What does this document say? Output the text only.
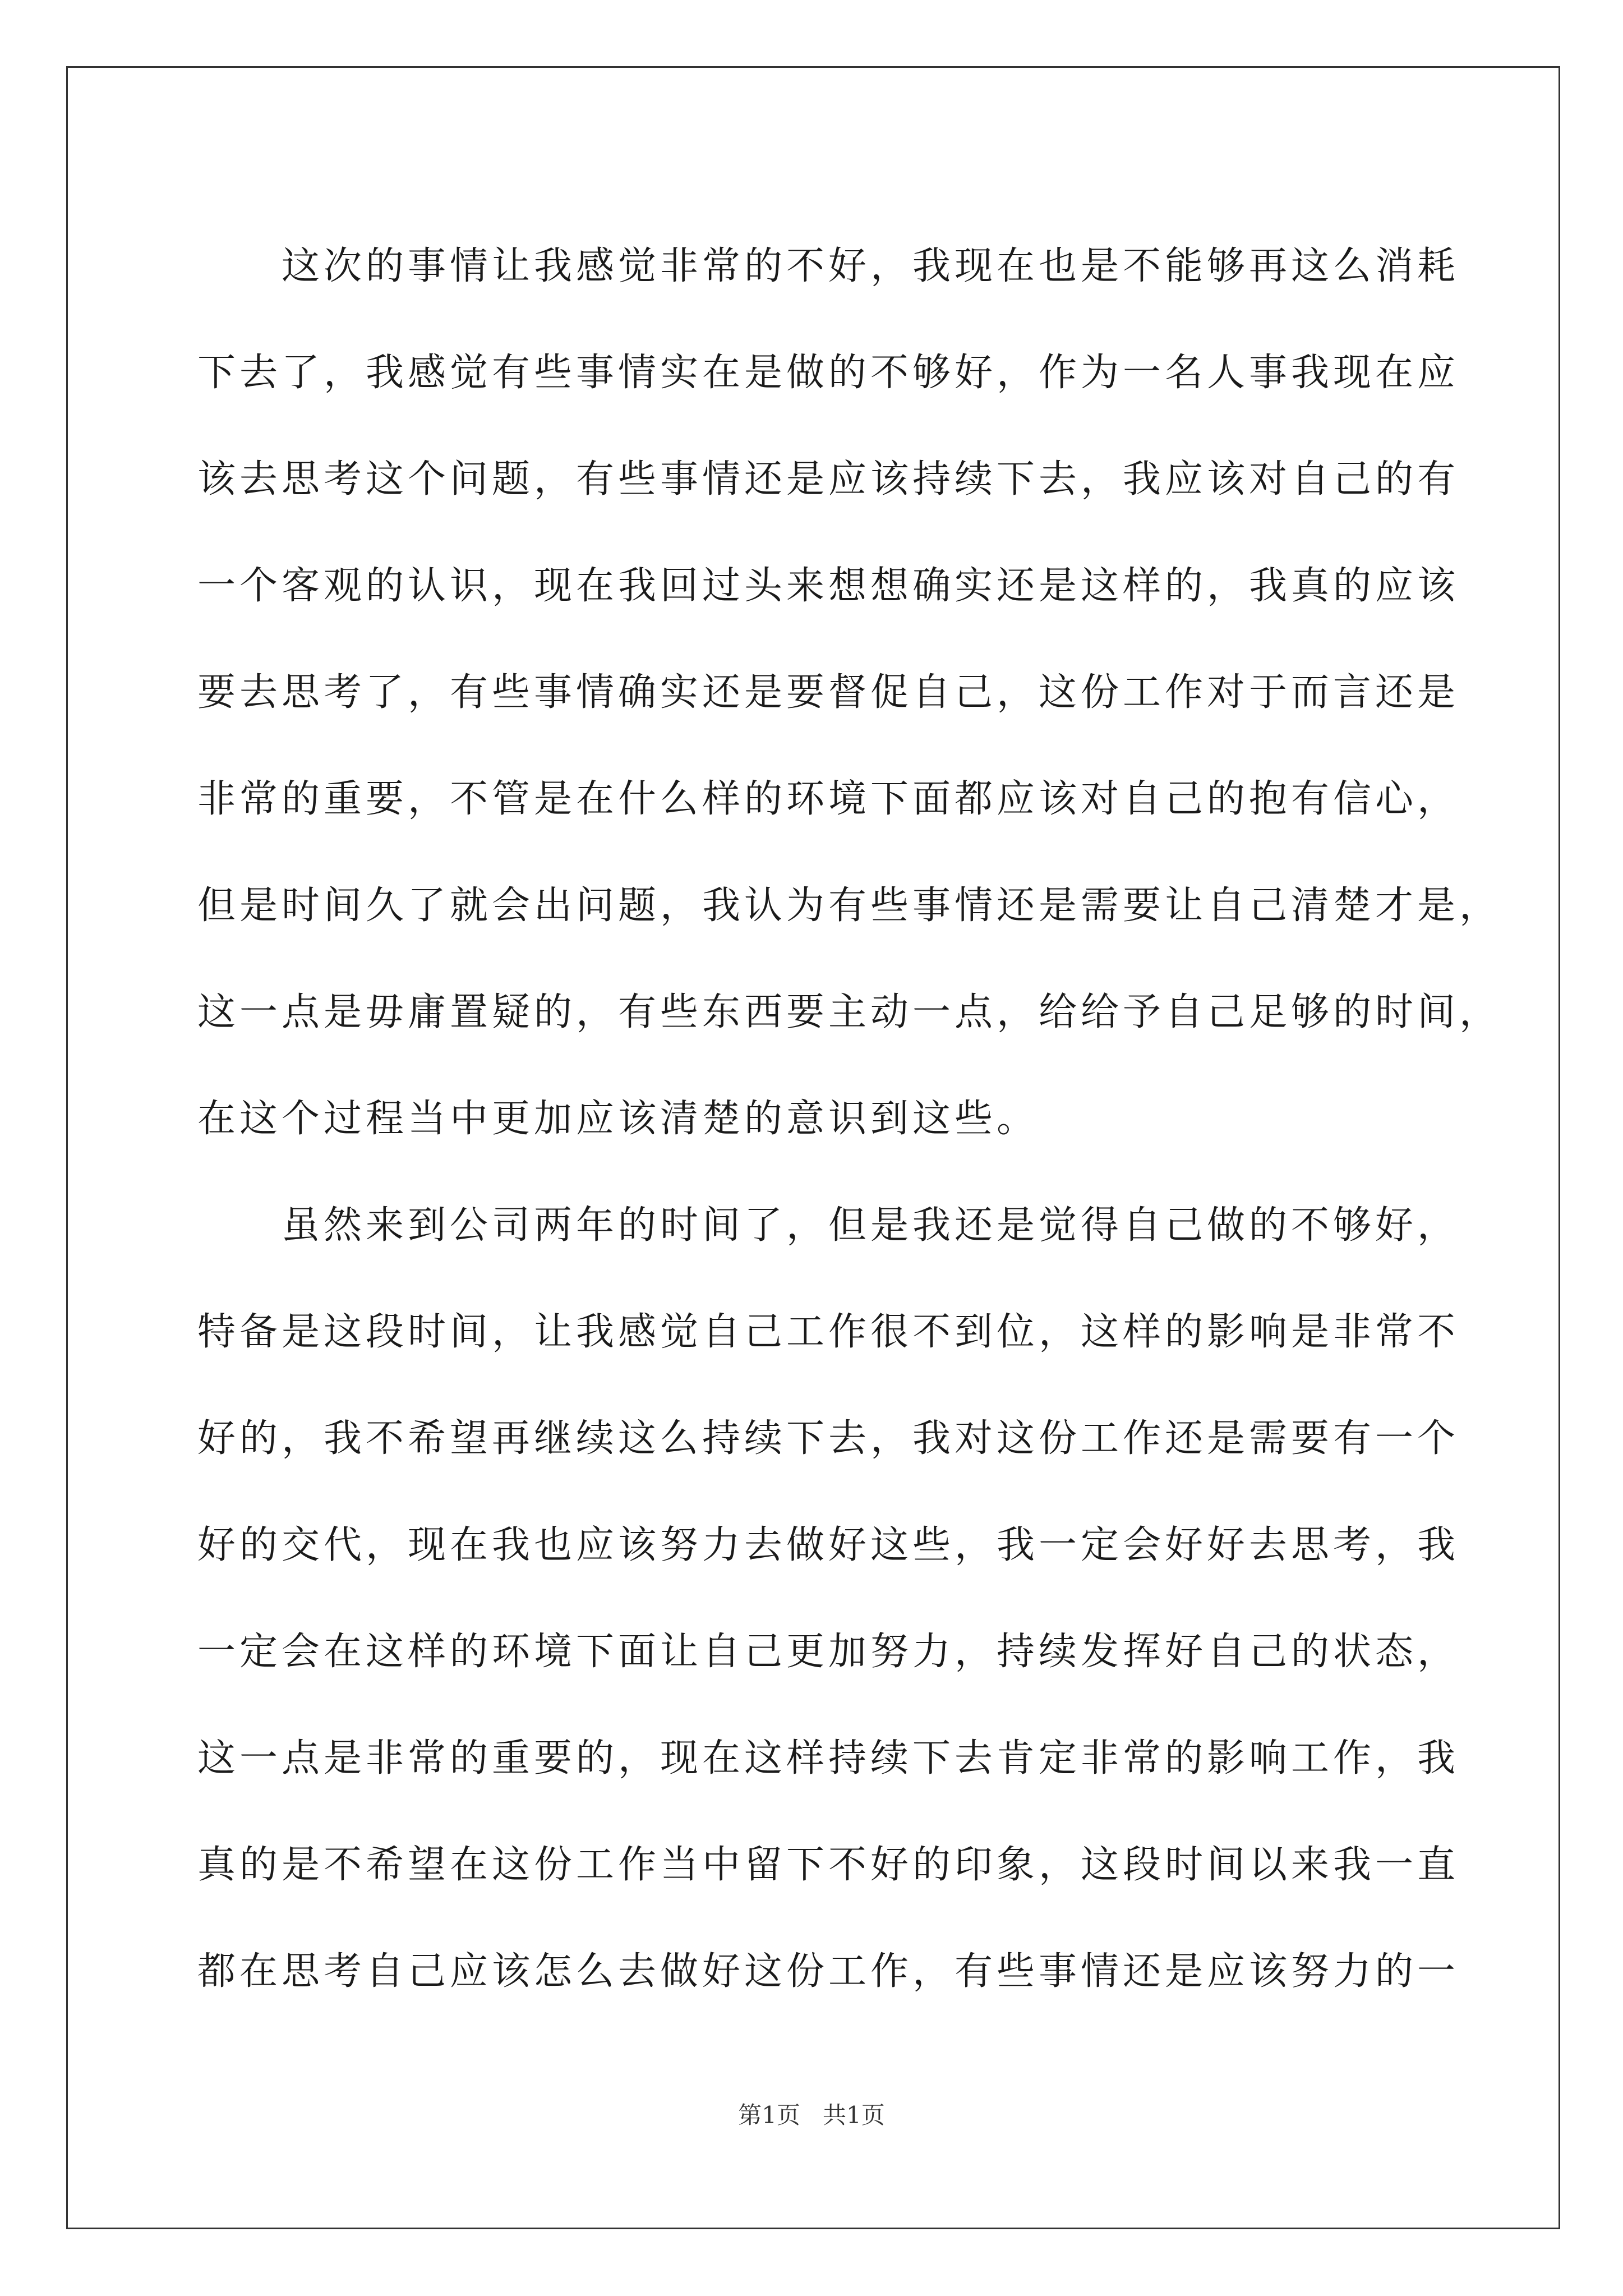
这次的事情让我感觉非常的不好，我现在也是不能够再这么消耗
下去了，我感觉有些事情实在是做的不够好，作为一名人事我现在应
该去思考这个问题，有些事情还是应该持续下去，我应该对自己的有
一个客观的认识，现在我回过头来想想确实还是这样的，我真的应该
要去思考了，有些事情确实还是要督促自己，这份工作对于而言还是
非常的重要，不管是在什么样的环境下面都应该对自己的抱有信心，
但是时间久了就会出问题，我认为有些事情还是需要让自己清楚才是，
这一点是毋庸置疑的，有些东西要主动一点，给给予自己足够的时间，
在这个过程当中更加应该清楚的意识到这些。
虽然来到公司两年的时间了，但是我还是觉得自己做的不够好，
特备是这段时间，让我感觉自己工作很不到位，这样的影响是非常不
好的，我不希望再继续这么持续下去，我对这份工作还是需要有一个
好的交代，现在我也应该努力去做好这些，我一定会好好去思考，我
一定会在这样的环境下面让自己更加努力，持续发挥好自己的状态，
这一点是非常的重要的，现在这样持续下去肯定非常的影响工作，我
真的是不希望在这份工作当中留下不好的印象，这段时间以来我一直
都在思考自己应该怎么去做好这份工作，有些事情还是应该努力的一
第1页   共1页
